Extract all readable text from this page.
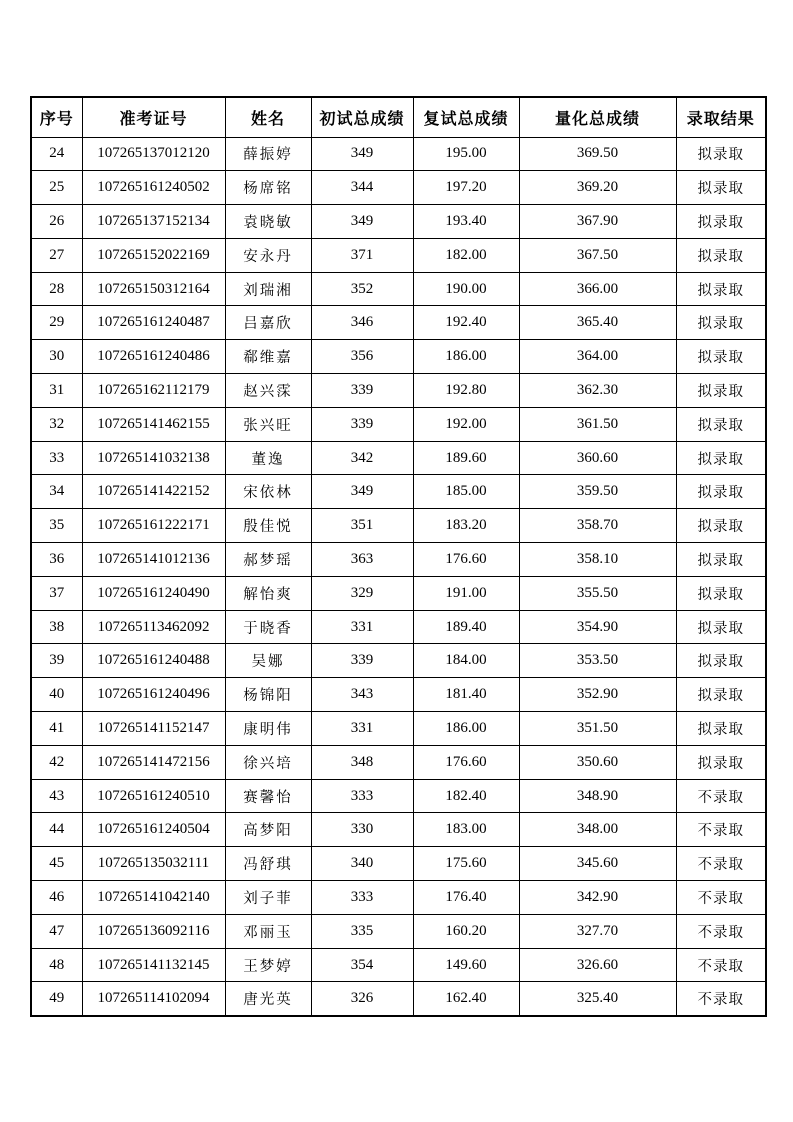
序号	准考证号	姓名	初试总成绩	复试总成绩	量化总成绩	录取结果
24	107265137012120	薛振婷	349	195.00	369.50	拟录取
25	107265161240502	杨席铭	344	197.20	369.20	拟录取
26	107265137152134	袁晓敏	349	193.40	367.90	拟录取
27	107265152022169	安永丹	371	182.00	367.50	拟录取
28	107265150312164	刘瑞湘	352	190.00	366.00	拟录取
29	107265161240487	吕嘉欣	346	192.40	365.40	拟录取
30	107265161240486	郗维嘉	356	186.00	364.00	拟录取
31	107265162112179	赵兴霂	339	192.80	362.30	拟录取
32	107265141462155	张兴旺	339	192.00	361.50	拟录取
33	107265141032138	董逸	342	189.60	360.60	拟录取
34	107265141422152	宋依林	349	185.00	359.50	拟录取
35	107265161222171	殷佳悦	351	183.20	358.70	拟录取
36	107265141012136	郝梦瑶	363	176.60	358.10	拟录取
37	107265161240490	解怡爽	329	191.00	355.50	拟录取
38	107265113462092	于晓香	331	189.40	354.90	拟录取
39	107265161240488	吴娜	339	184.00	353.50	拟录取
40	107265161240496	杨锦阳	343	181.40	352.90	拟录取
41	107265141152147	康明伟	331	186.00	351.50	拟录取
42	107265141472156	徐兴培	348	176.60	350.60	拟录取
43	107265161240510	赛馨怡	333	182.40	348.90	不录取
44	107265161240504	高梦阳	330	183.00	348.00	不录取
45	107265135032111	冯舒琪	340	175.60	345.60	不录取
46	107265141042140	刘子菲	333	176.40	342.90	不录取
47	107265136092116	邓丽玉	335	160.20	327.70	不录取
48	107265141132145	王梦婷	354	149.60	326.60	不录取
49	107265114102094	唐光英	326	162.40	325.40	不录取
